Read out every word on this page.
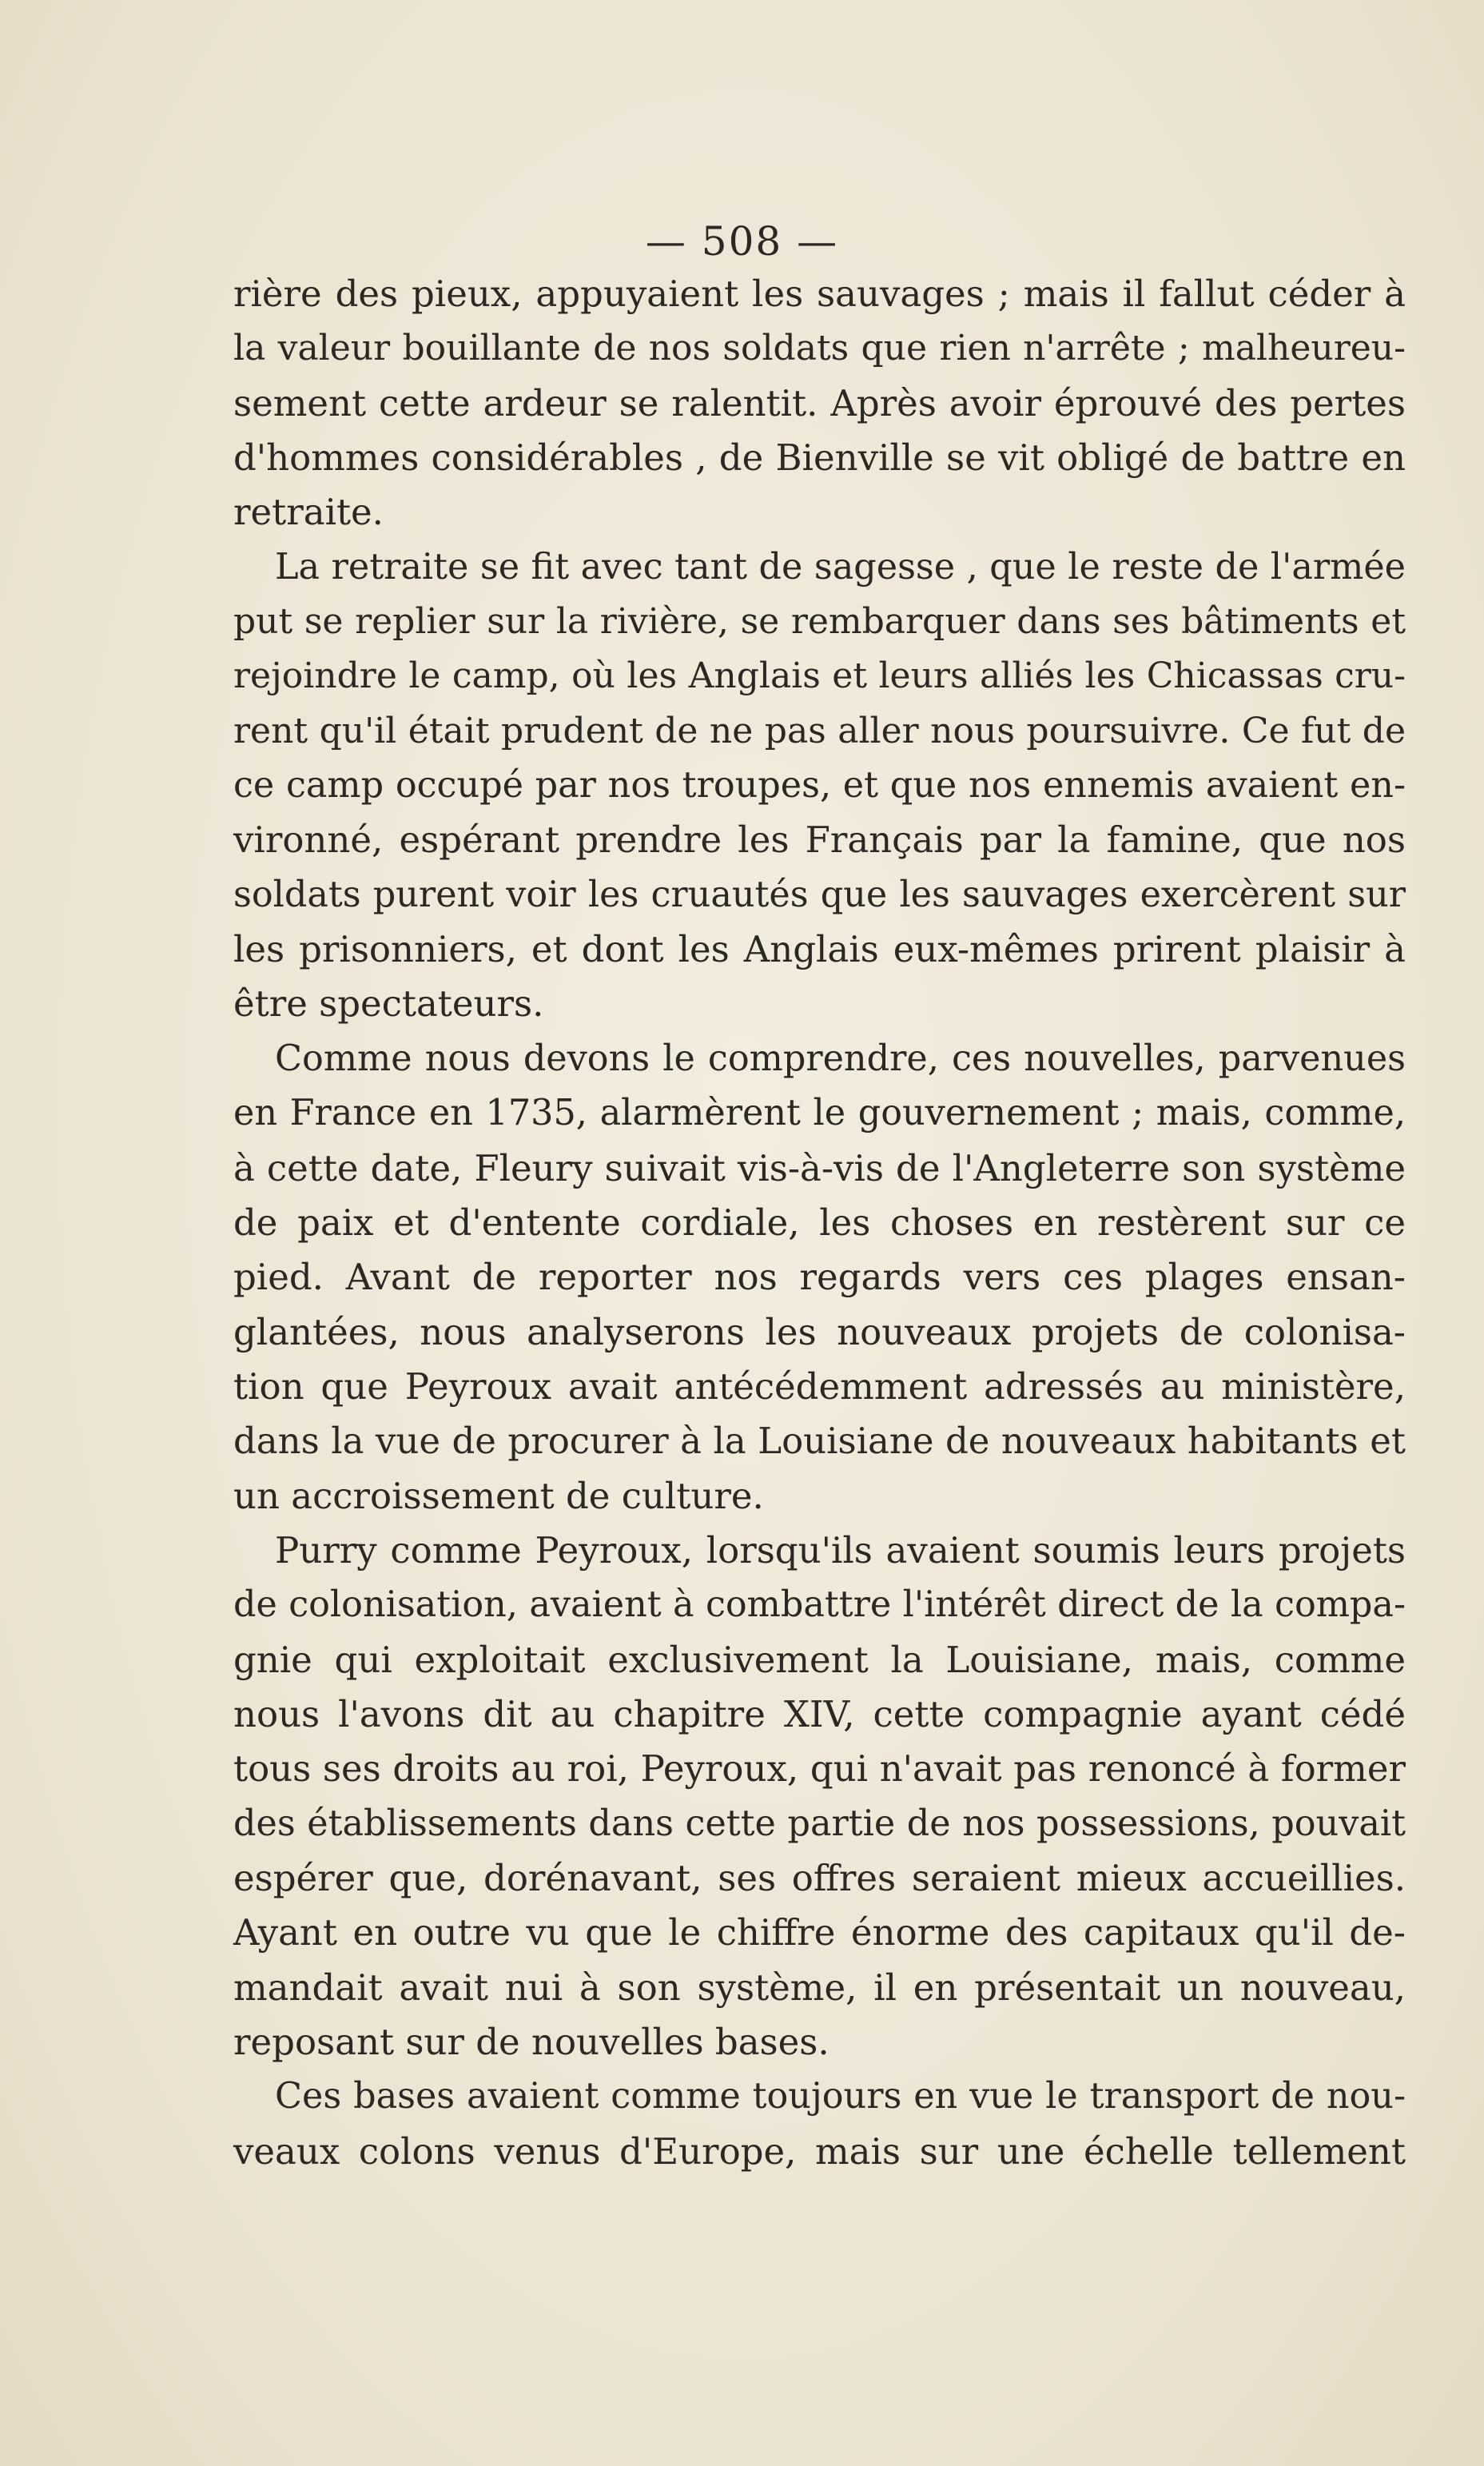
— 508 —
rière des pieux, appuyaient les sauvages ; mais il fallut céder à
la valeur bouillante de nos soldats que rien n'arrête ; malheureu-
sement cette ardeur se ralentit. Après avoir éprouvé des pertes
d'hommes considérables , de Bienville se vit obligé de battre en
retraite.
La retraite se fit avec tant de sagesse , que le reste de l'armée
put se replier sur la rivière, se rembarquer dans ses bâtiments et
rejoindre le camp, où les Anglais et leurs alliés les Chicassas cru-
rent qu'il était prudent de ne pas aller nous poursuivre. Ce fut de
ce camp occupé par nos troupes, et que nos ennemis avaient en-
vironné, espérant prendre les Français par la famine, que nos
soldats purent voir les cruautés que les sauvages exercèrent sur
les prisonniers, et dont les Anglais eux-mêmes prirent plaisir à
être spectateurs.
Comme nous devons le comprendre, ces nouvelles, parvenues
en France en 1735, alarmèrent le gouvernement ; mais, comme,
à cette date, Fleury suivait vis-à-vis de l'Angleterre son système
de paix et d'entente cordiale, les choses en restèrent sur ce
pied. Avant de reporter nos regards vers ces plages ensan-
glantées, nous analyserons les nouveaux projets de colonisa-
tion que Peyroux avait antécédemment adressés au ministère,
dans la vue de procurer à la Louisiane de nouveaux habitants et
un accroissement de culture.
Purry comme Peyroux, lorsqu'ils avaient soumis leurs projets
de colonisation, avaient à combattre l'intérêt direct de la compa-
gnie qui exploitait exclusivement la Louisiane, mais, comme
nous l'avons dit au chapitre XIV, cette compagnie ayant cédé
tous ses droits au roi, Peyroux, qui n'avait pas renoncé à former
des établissements dans cette partie de nos possessions, pouvait
espérer que, dorénavant, ses offres seraient mieux accueillies.
Ayant en outre vu que le chiffre énorme des capitaux qu'il de-
mandait avait nui à son système, il en présentait un nouveau,
reposant sur de nouvelles bases.
Ces bases avaient comme toujours en vue le transport de nou-
veaux colons venus d'Europe, mais sur une échelle tellement
